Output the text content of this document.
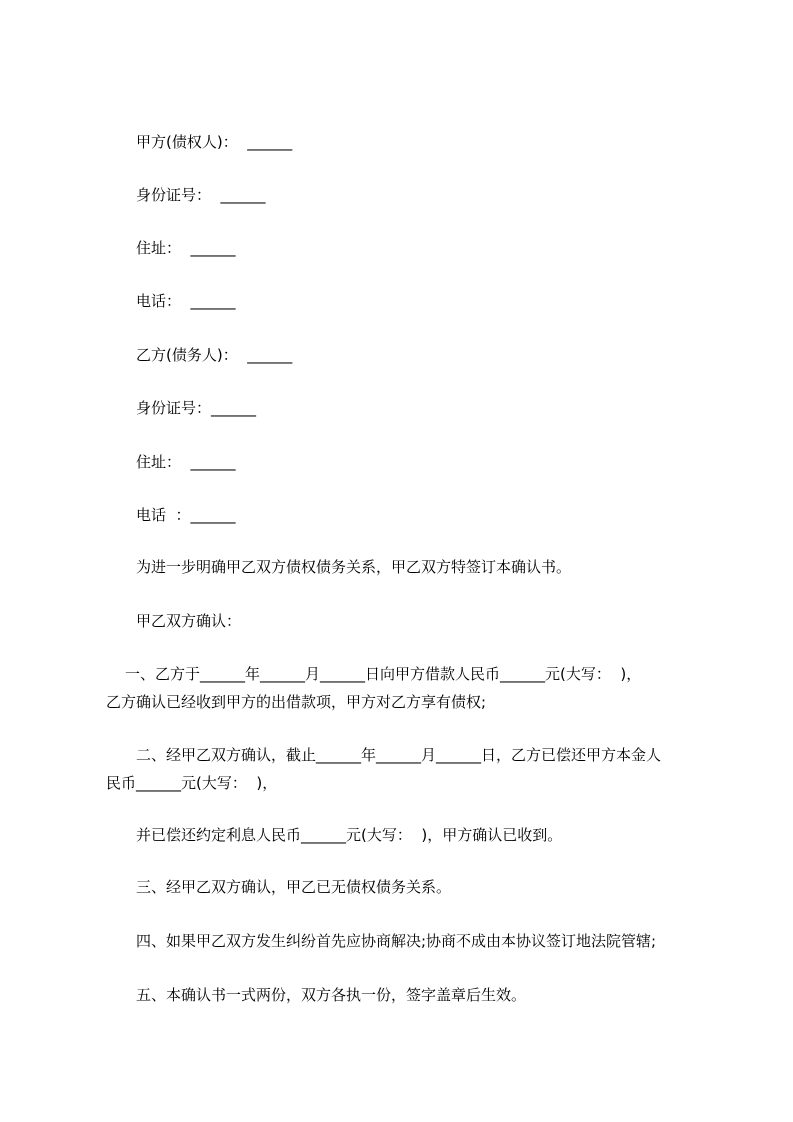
甲方(债权人)：  ______
身份证号：  ______
住址：  ______
电话：  ______
乙方(债务人)：  ______
身份证号：______
住址：  ______
电话  ：______
为进一步明确甲乙双方债权债务关系，甲乙双方特签订本确认书。
甲乙双方确认：
一、乙方于______年______月______日向甲方借款人民币______元(大写：  )，
乙方确认已经收到甲方的出借款项，甲方对乙方享有债权;
二、经甲乙双方确认，截止______年______月______日，乙方已偿还甲方本金人
民币______元(大写：  )，
并已偿还约定利息人民币______元(大写：  )，甲方确认已收到。
三、经甲乙双方确认，甲乙已无债权债务关系。
四、如果甲乙双方发生纠纷首先应协商解决;协商不成由本协议签订地法院管辖;
五、本确认书一式两份，双方各执一份，签字盖章后生效。
